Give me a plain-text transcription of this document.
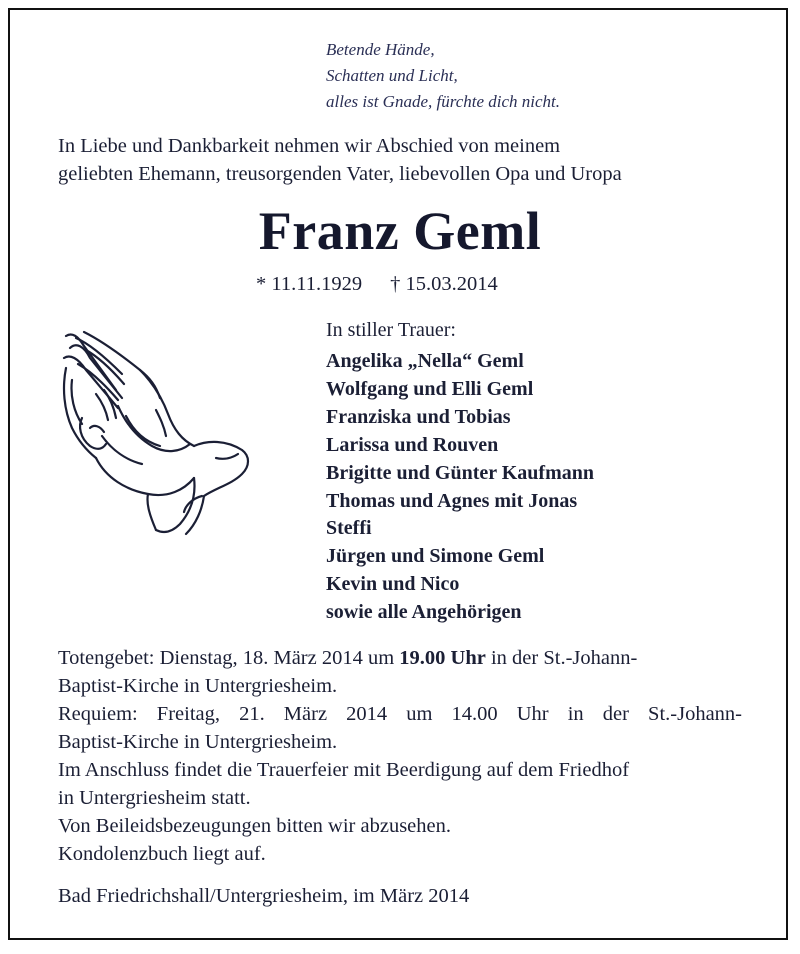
Betende Hände,
Schatten und Licht,
alles ist Gnade, fürchte dich nicht.
In Liebe und Dankbarkeit nehmen wir Abschied von meinem
geliebten Ehemann, treusorgenden Vater, liebevollen Opa und Uropa
Franz Geml
* 11.11.1929 † 15.03.2014
In stiller Trauer:
Angelika „Nella“ Geml
Wolfgang und Elli Geml
Franziska und Tobias
Larissa und Rouven
Brigitte und Günter Kaufmann
Thomas und Agnes mit Jonas
Steffi
Jürgen und Simone Geml
Kevin und Nico
sowie alle Angehörigen
Totengebet: Dienstag, 18. März 2014 um 19.00 Uhr in der St.-Johann-
Baptist-Kirche in Untergriesheim.
Requiem: Freitag, 21. März 2014 um 14.00 Uhr in der St.-Johann-
Baptist-Kirche in Untergriesheim.
Im Anschluss findet die Trauerfeier mit Beerdigung auf dem Friedhof
in Untergriesheim statt.
Von Beileidsbezeugungen bitten wir abzusehen.
Kondolenzbuch liegt auf.
Bad Friedrichshall/Untergriesheim, im März 2014
